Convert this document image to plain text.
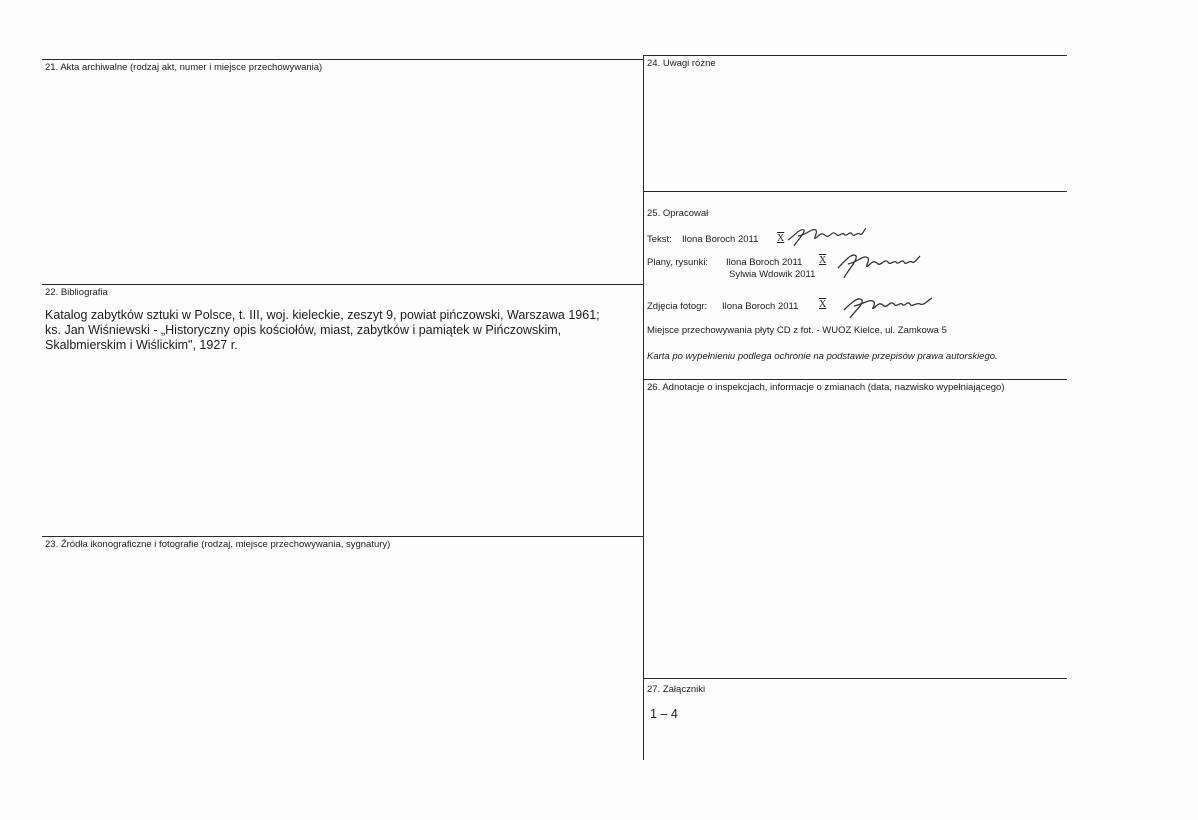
21. Akta archiwalne (rodzaj akt, numer i miejsce przechowywania)
22. Bibliografia

Katalog zabytków sztuki w Polsce, t. III, woj. kieleckie, zeszyt 9, powiat pińczowski, Warszawa 1961;

ks. Jan Wiśniewski - „Historyczny opis kościołów, miast, zabytków i pamiątek w Pińczowskim, Skalbmierskim i Wiślickim", 1927 r.

23. Źródła ikonograficzne i fotografie (rodzaj, miejsce przechowywania, sygnatury)
24. Uwagi różne
25. Opracował
Tekst: Ilona Boroch 2011 X
Plany, rysunki: Ilona Boroch 2011 X
Sylwia Wdowik 2011
Zdjęcia fotogr: Ilona Boroch 2011 X
Miejsce przechowywania płyty CD z fot. - WUOZ Kielce, ul. Zamkowa 5
Karta po wypełnieniu podlega ochronie na podstawie przepisów prawa autorskiego.
26. Adnotacje o inspekcjach, informacje o zmianach (data, nazwisko wypełniającego)
27. Załączniki
1 – 4
